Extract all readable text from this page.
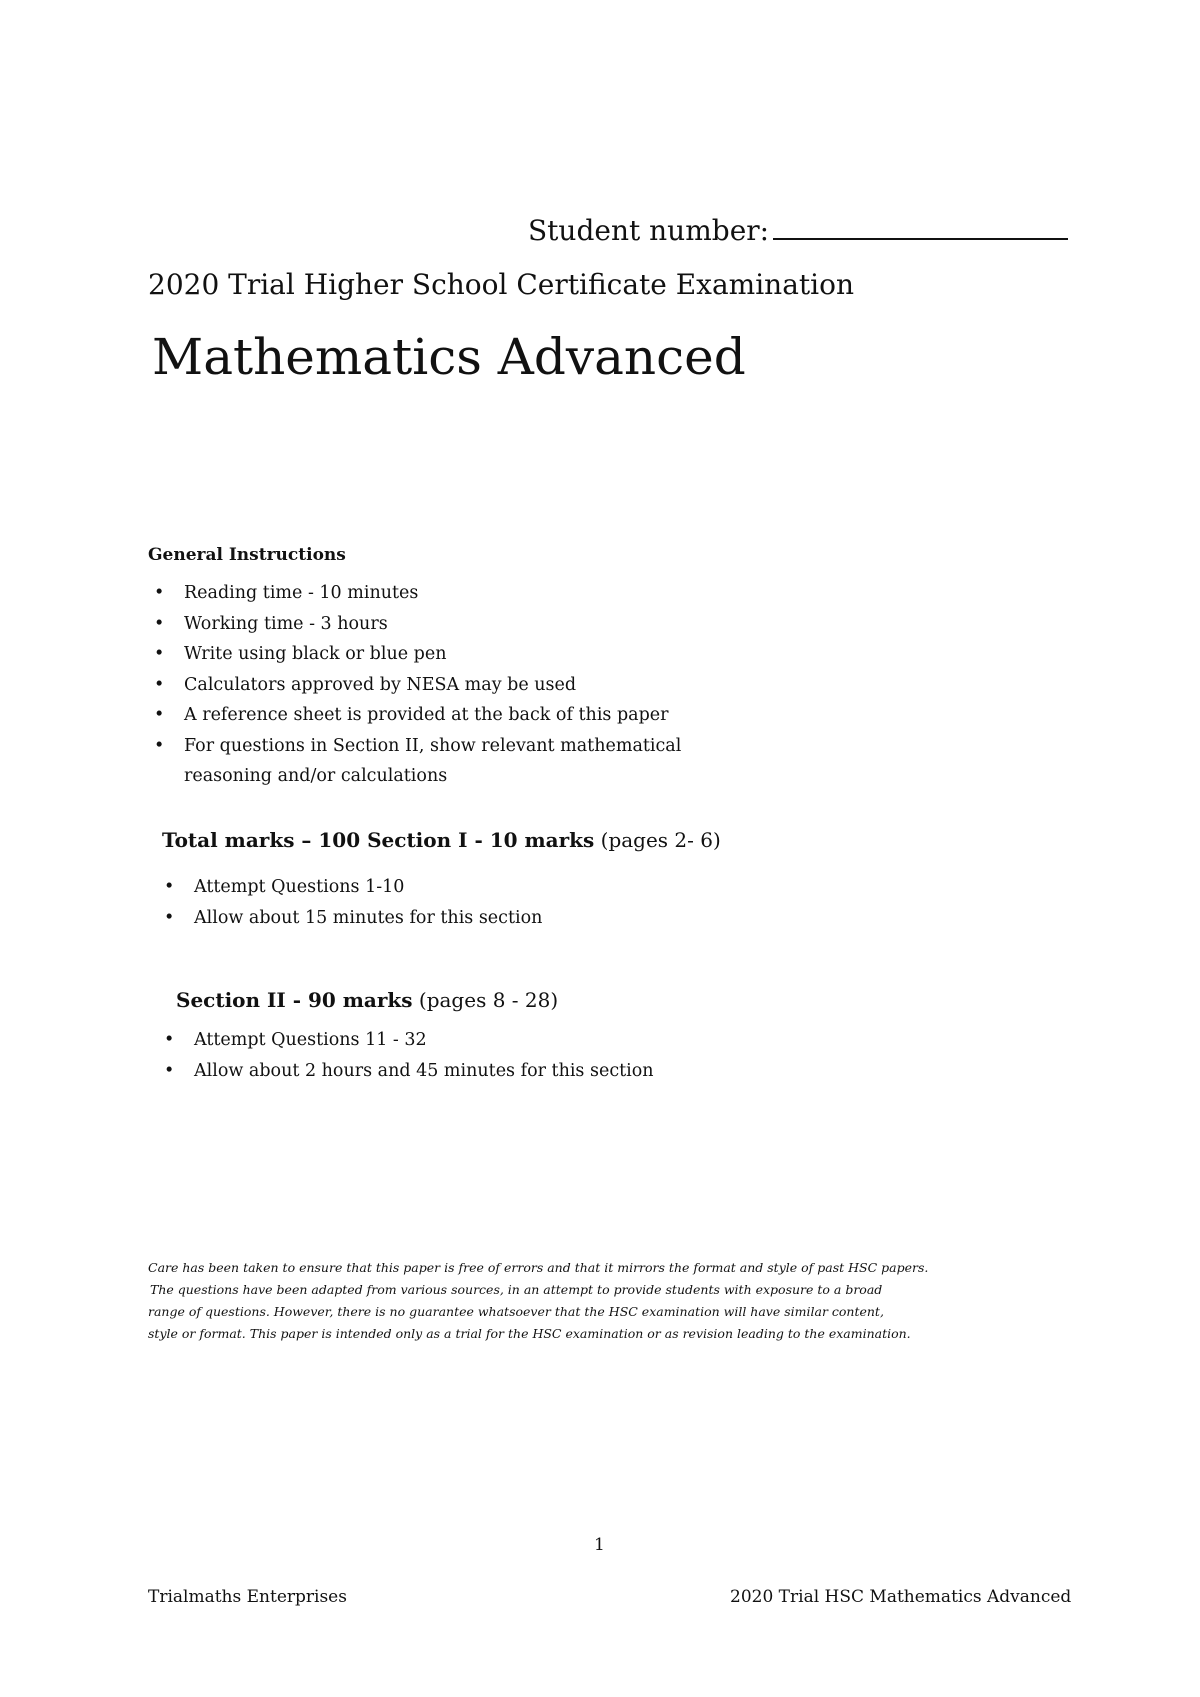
Student number:
2020 Trial Higher School Certificate Examination
Mathematics Advanced
General Instructions
• Reading time - 10 minutes
• Working time - 3 hours
• Write using black or blue pen
• Calculators approved by NESA may be used
• A reference sheet is provided at the back of this paper
• For questions in Section II, show relevant mathematical reasoning and/or calculations
Total marks – 100 Section I - 10 marks (pages 2- 6)
• Attempt Questions 1-10
• Allow about 15 minutes for this section
Section II - 90 marks (pages 8 - 28)
• Attempt Questions 11 - 32
• Allow about 2 hours and 45 minutes for this section

Care has been taken to ensure that this paper is free of errors and that it mirrors the format and style of past HSC papers.

The questions have been adapted from various sources, in an attempt to provide students with exposure to a broad

range of questions. However, there is no guarantee whatsoever that the HSC examination will have similar content,

style or format. This paper is intended only as a trial for the HSC examination or as revision leading to the examination.

1
Trialmaths Enterprises	2020 Trial HSC Mathematics Advanced
